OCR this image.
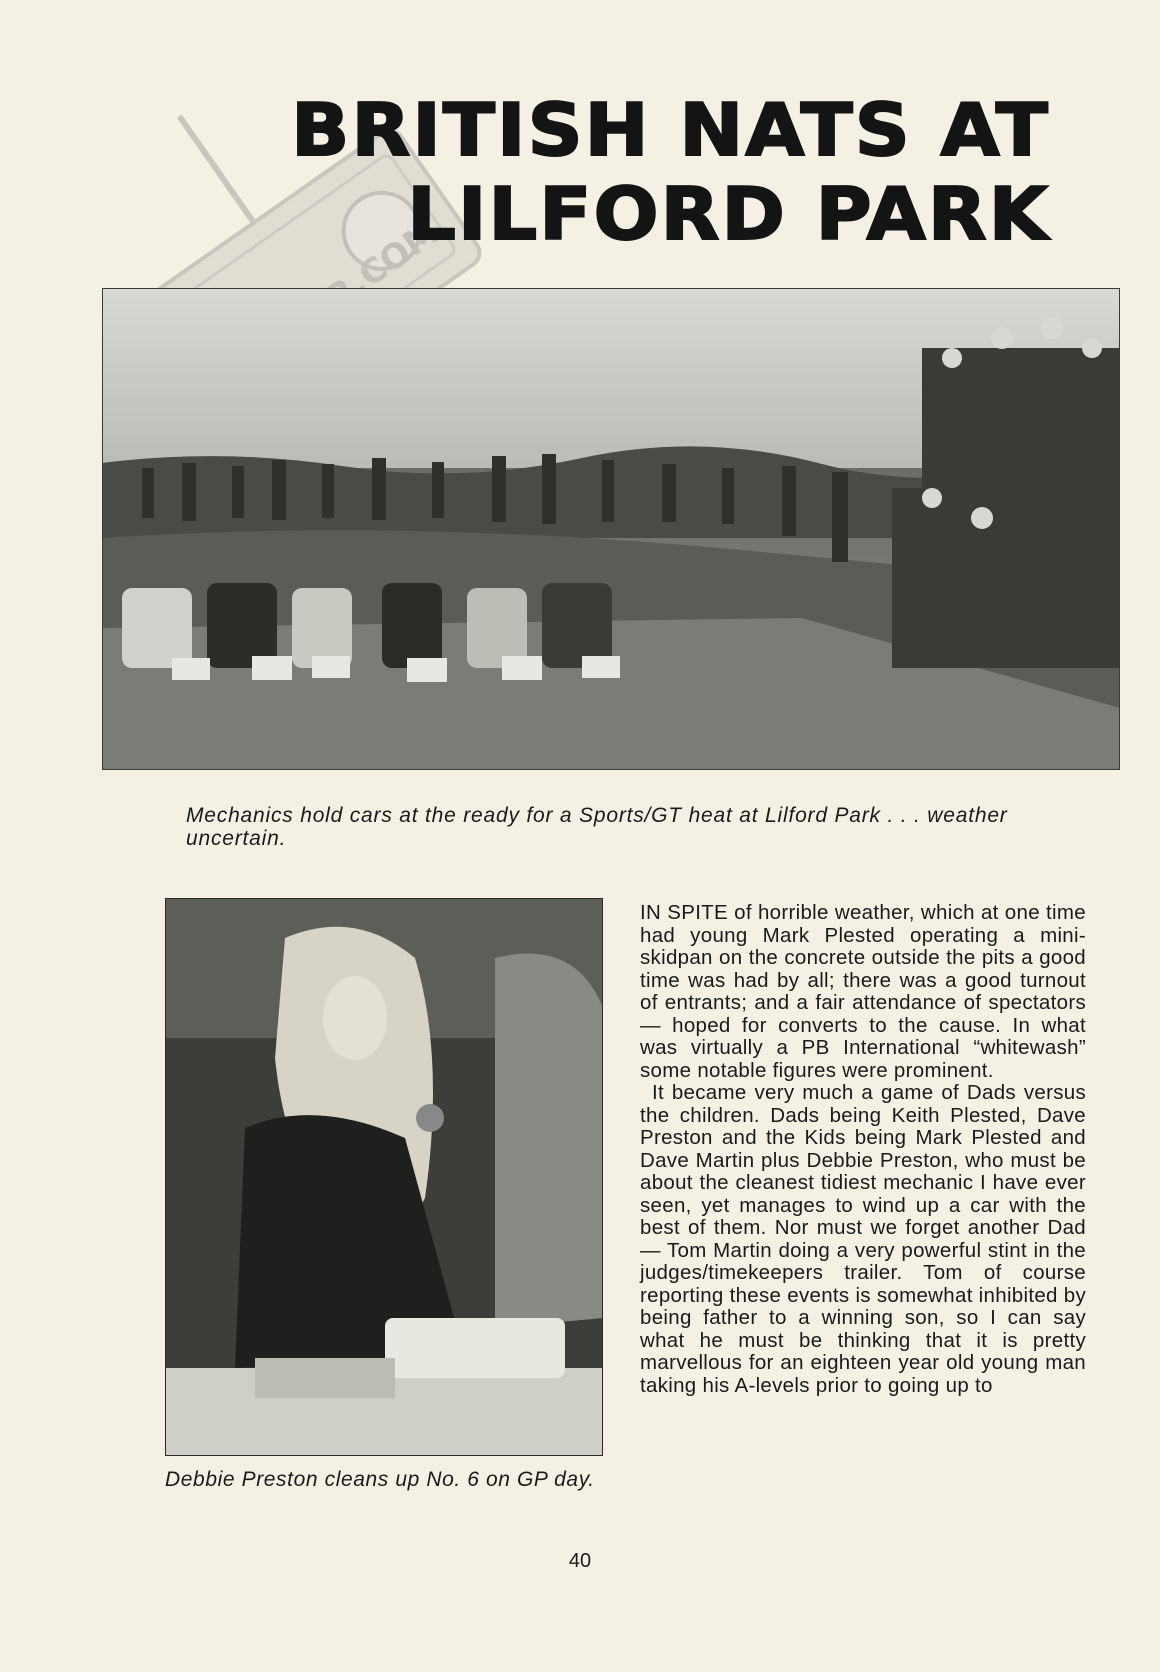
BRITISH NATS AT
LILFORD PARK
Mechanics hold cars at the ready for a Sports/GT heat at Lilford Park . . . weather uncertain.
Debbie Preston cleans up No. 6 on GP day.

IN SPITE of horrible weather, which at one time had young Mark Plested operating a mini-skidpan on the concrete outside the pits a good time was had by all; there was a good turnout of entrants; and a fair attendance of spectators — hoped for converts to the cause. In what was virtually a PB International “whitewash” some notable figures were prominent.

It became very much a game of Dads versus the children. Dads being Keith Plested, Dave Preston and the Kids being Mark Plested and Dave Martin plus Debbie Preston, who must be about the cleanest tidiest mechanic I have ever seen, yet manages to wind up a car with the best of them. Nor must we forget another Dad — Tom Martin doing a very powerful stint in the judges/timekeepers trailer. Tom of course reporting these events is somewhat inhibited by being father to a winning son, so I can say what he must be thinking that it is pretty marvellous for an eighteen year old young man taking his A-levels prior to going up to

40
